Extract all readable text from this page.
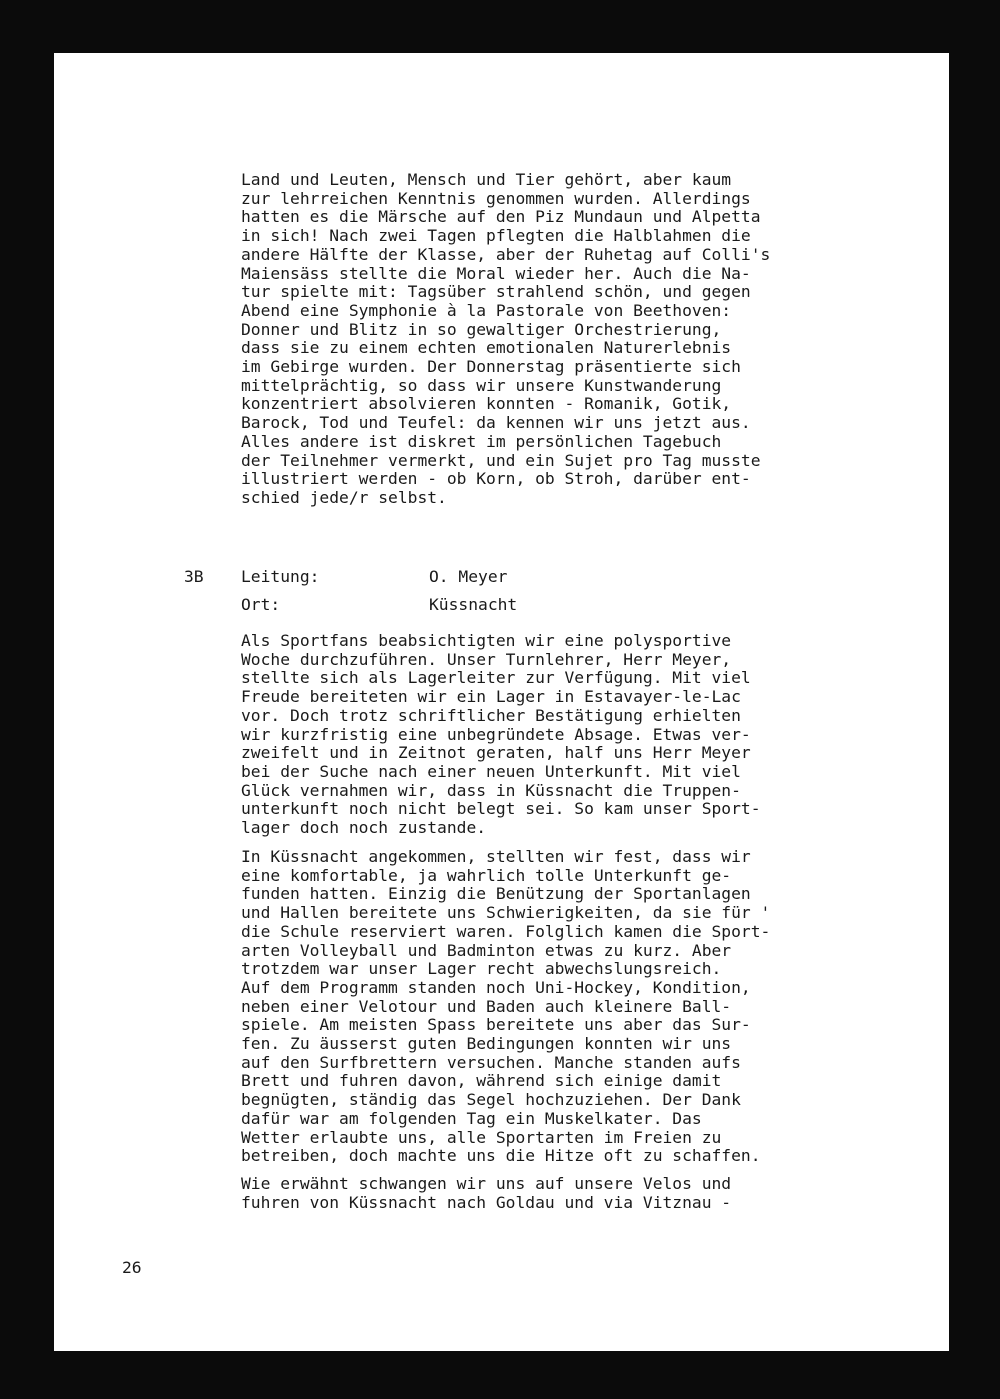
Land und Leuten, Mensch und Tier gehört, aber kaum
zur lehrreichen Kenntnis genommen wurden. Allerdings
hatten es die Märsche auf den Piz Mundaun und Alpetta
in sich! Nach zwei Tagen pflegten die Halblahmen die
andere Hälfte der Klasse, aber der Ruhetag auf Colli's
Maiensäss stellte die Moral wieder her. Auch die Na-
tur spielte mit: Tagsüber strahlend schön, und gegen
Abend eine Symphonie à la Pastorale von Beethoven:
Donner und Blitz in so gewaltiger Orchestrierung,
dass sie zu einem echten emotionalen Naturerlebnis
im Gebirge wurden. Der Donnerstag präsentierte sich
mittelprächtig, so dass wir unsere Kunstwanderung
konzentriert absolvieren konnten - Romanik, Gotik,
Barock, Tod und Teufel: da kennen wir uns jetzt aus.
Alles andere ist diskret im persönlichen Tagebuch
der Teilnehmer vermerkt, und ein Sujet pro Tag musste
illustriert werden - ob Korn, ob Stroh, darüber ent-
schied jede/r selbst.
3B Leitung:	O. Meyer
Ort:	Küssnacht
Als Sportfans beabsichtigten wir eine polysportive
Woche durchzuführen. Unser Turnlehrer, Herr Meyer,
stellte sich als Lagerleiter zur Verfügung. Mit viel
Freude bereiteten wir ein Lager in Estavayer-le-Lac
vor. Doch trotz schriftlicher Bestätigung erhielten
wir kurzfristig eine unbegründete Absage. Etwas ver-
zweifelt und in Zeitnot geraten, half uns Herr Meyer
bei der Suche nach einer neuen Unterkunft. Mit viel
Glück vernahmen wir, dass in Küssnacht die Truppen-
unterkunft noch nicht belegt sei. So kam unser Sport-
lager doch noch zustande.
In Küssnacht angekommen, stellten wir fest, dass wir
eine komfortable, ja wahrlich tolle Unterkunft ge-
funden hatten. Einzig die Benützung der Sportanlagen
und Hallen bereitete uns Schwierigkeiten, da sie für '
die Schule reserviert waren. Folglich kamen die Sport-
arten Volleyball und Badminton etwas zu kurz. Aber
trotzdem war unser Lager recht abwechslungsreich.
Auf dem Programm standen noch Uni-Hockey, Kondition,
neben einer Velotour und Baden auch kleinere Ball-
spiele. Am meisten Spass bereitete uns aber das Sur-
fen. Zu äusserst guten Bedingungen konnten wir uns
auf den Surfbrettern versuchen. Manche standen aufs
Brett und fuhren davon, während sich einige damit
begnügten, ständig das Segel hochzuziehen. Der Dank
dafür war am folgenden Tag ein Muskelkater. Das
Wetter erlaubte uns, alle Sportarten im Freien zu
betreiben, doch machte uns die Hitze oft zu schaffen.
Wie erwähnt schwangen wir uns auf unsere Velos und
fuhren von Küssnacht nach Goldau und via Vitznau -
26
